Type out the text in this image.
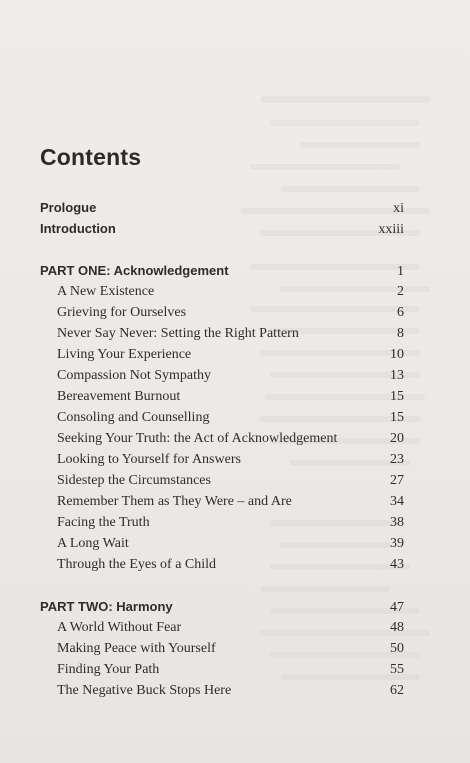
Contents
Prologue	xi
Introduction	xxiii
PART ONE: Acknowledgement	1
A New Existence	2
Grieving for Ourselves	6
Never Say Never: Setting the Right Pattern	8
Living Your Experience	10
Compassion Not Sympathy	13
Bereavement Burnout	15
Consoling and Counselling	15
Seeking Your Truth: the Act of Acknowledgement	20
Looking to Yourself for Answers	23
Sidestep the Circumstances	27
Remember Them as They Were – and Are	34
Facing the Truth	38
A Long Wait	39
Through the Eyes of a Child	43
PART TWO: Harmony	47
A World Without Fear	48
Making Peace with Yourself	50
Finding Your Path	55
The Negative Buck Stops Here	62
